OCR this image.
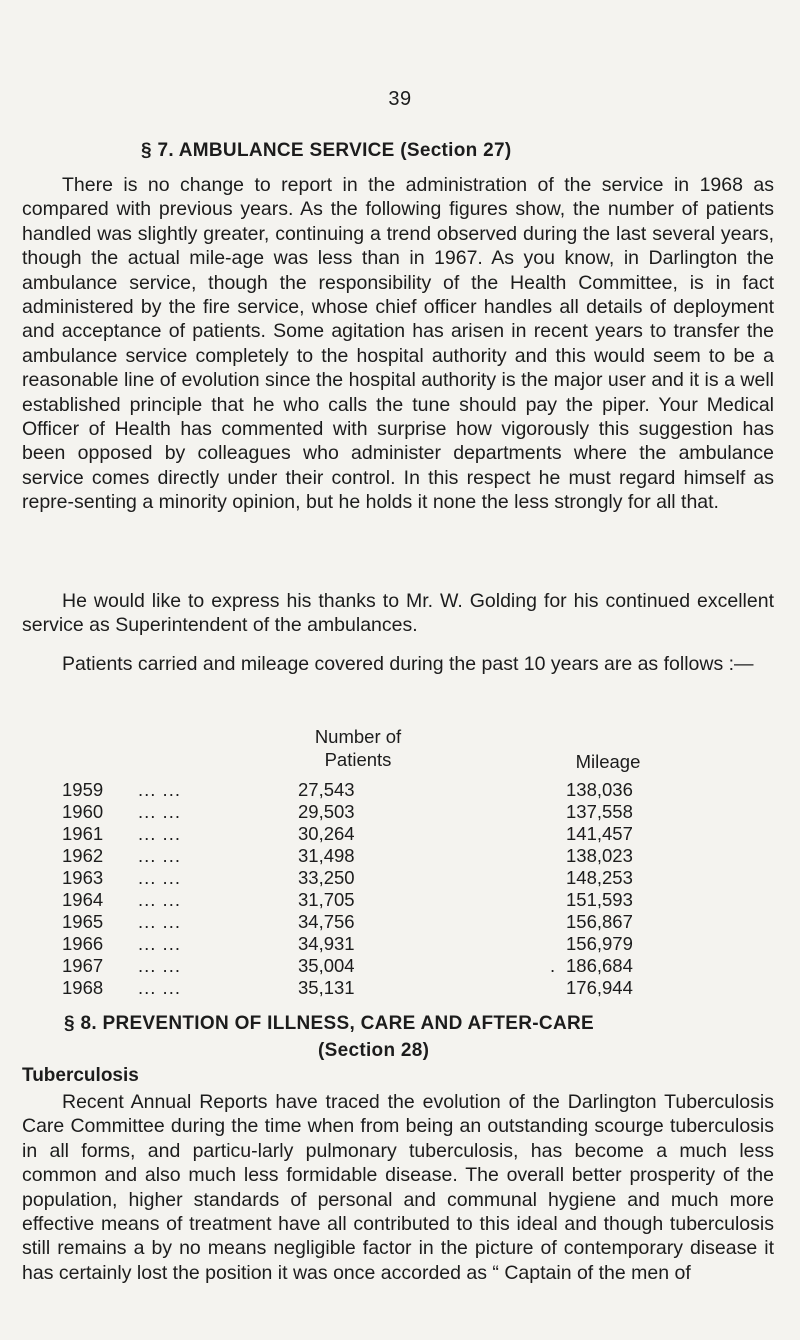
39
§ 7. AMBULANCE SERVICE (Section 27)
There is no change to report in the administration of the service in 1968 as compared with previous years. As the following figures show, the number of patients handled was slightly greater, continuing a trend observed during the last several years, though the actual mile-age was less than in 1967. As you know, in Darlington the ambulance service, though the responsibility of the Health Committee, is in fact administered by the fire service, whose chief officer handles all details of deployment and acceptance of patients. Some agitation has arisen in recent years to transfer the ambulance service completely to the hospital authority and this would seem to be a reasonable line of evolution since the hospital authority is the major user and it is a well established principle that he who calls the tune should pay the piper. Your Medical Officer of Health has commented with surprise how vigorously this suggestion has been opposed by colleagues who administer departments where the ambulance service comes directly under their control. In this respect he must regard himself as repre-senting a minority opinion, but he holds it none the less strongly for all that.
He would like to express his thanks to Mr. W. Golding for his continued excellent service as Superintendent of the ambulances.
Patients carried and mileage covered during the past 10 years are as follows :—
Number of
Patients	Mileage
1959 ... ...	27,543	138,036
1960 ... ...	29,503	137,558
1961 ... ...	30,264	141,457
1962 ... ...	31,498	138,023
1963 ... ...	33,250	148,253
1964 ... ...	31,705	151,593
1965 ... ...	34,756	156,867
1966 ... ...	34,931	156,979
1967 ... ...	35,004	. 186,684
1968 ... ...	35,131	176,944
§ 8. PREVENTION OF ILLNESS, CARE AND AFTER-CARE
(Section 28)
Tuberculosis
Recent Annual Reports have traced the evolution of the Darlington Tuberculosis Care Committee during the time when from being an outstanding scourge tuberculosis in all forms, and particu-larly pulmonary tuberculosis, has become a much less common and also much less formidable disease. The overall better prosperity of the population, higher standards of personal and communal hygiene and much more effective means of treatment have all contributed to this ideal and though tuberculosis still remains a by no means negligible factor in the picture of contemporary disease it has certainly lost the position it was once accorded as “ Captain of the men of
